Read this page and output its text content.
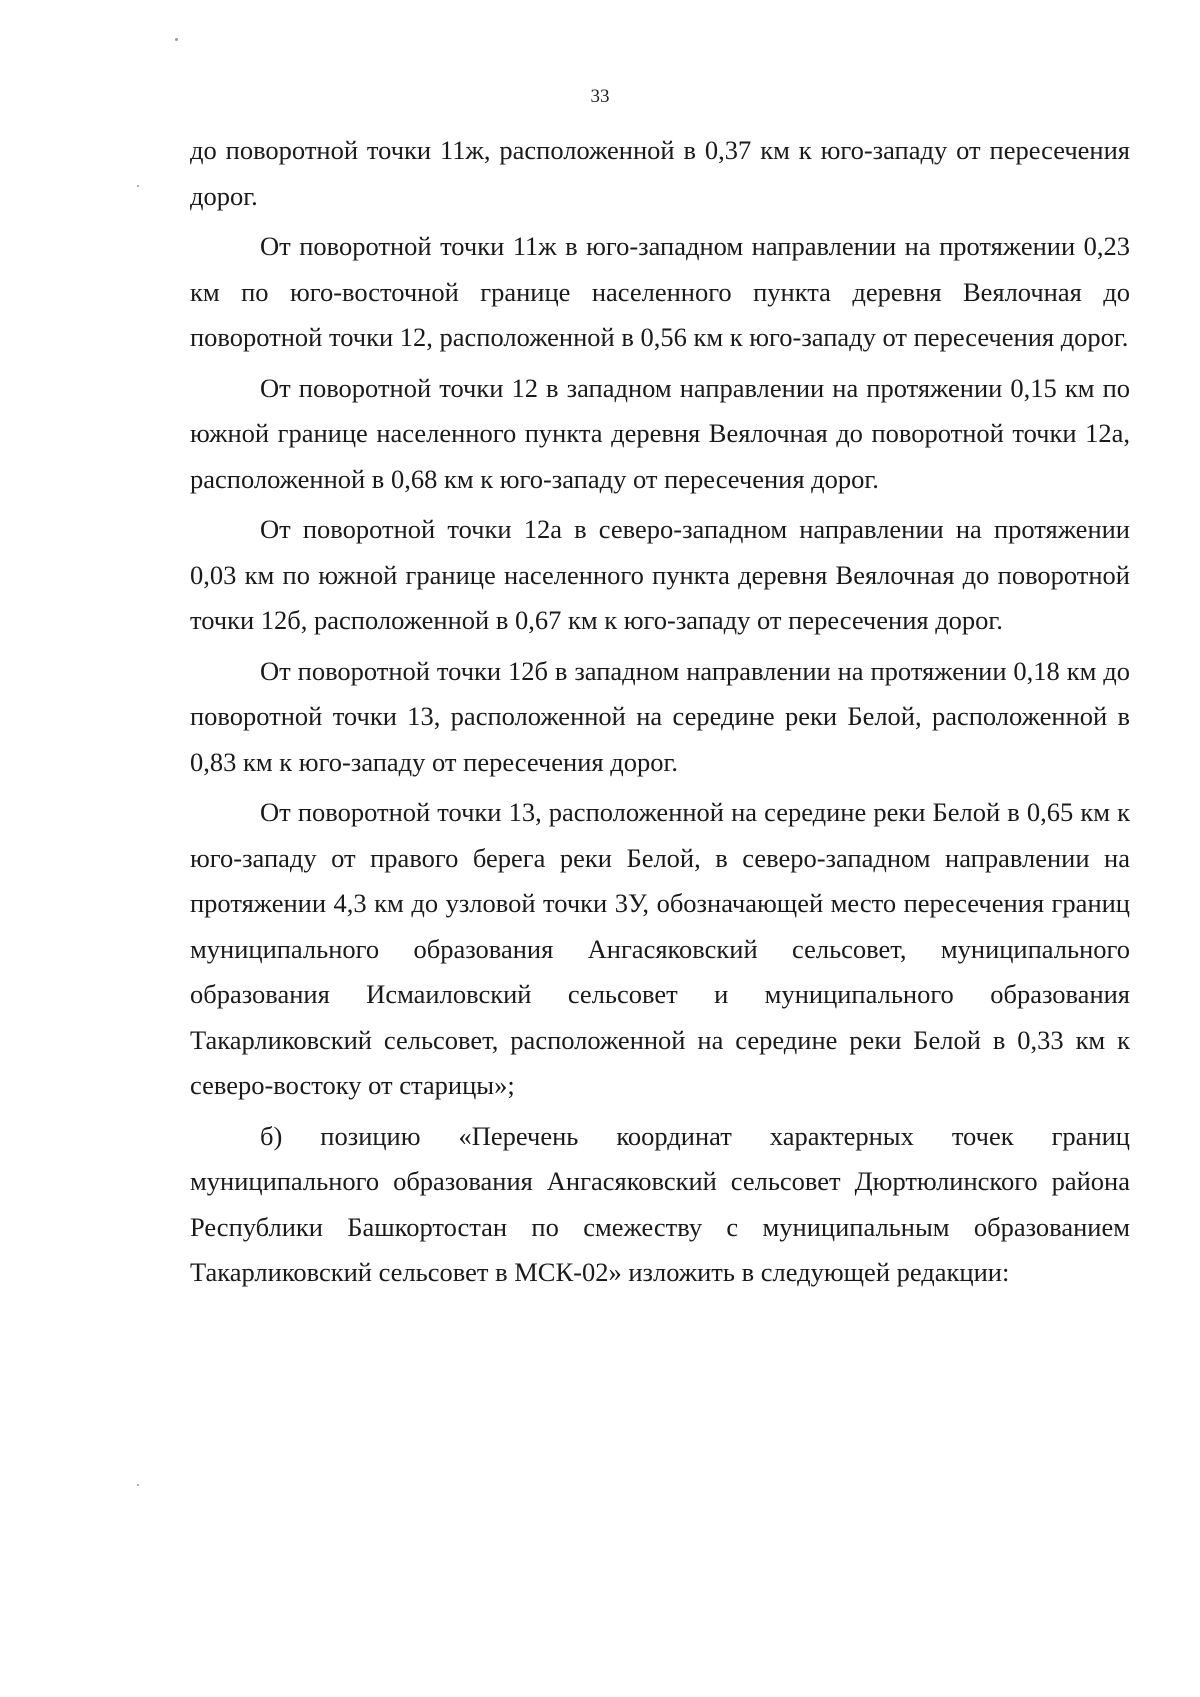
33

до поворотной точки 11ж, расположенной в 0,37 км к юго-западу от пересечения дорог.

От поворотной точки 11ж в юго-западном направлении на протяжении 0,23 км по юго-восточной границе населенного пункта деревня Веялочная до поворотной точки 12, расположенной в 0,56 км к юго-западу от пересечения дорог.

От поворотной точки 12 в западном направлении на протяжении 0,15 км по южной границе населенного пункта деревня Веялочная до поворотной точки 12а, расположенной в 0,68 км к юго-западу от пересечения дорог.

От поворотной точки 12а в северо-западном направлении на протяжении 0,03 км по южной границе населенного пункта деревня Веялочная до поворотной точки 12б, расположенной в 0,67 км к юго-западу от пересечения дорог.

От поворотной точки 12б в западном направлении на протяжении 0,18 км до поворотной точки 13, расположенной на середине реки Белой, расположенной в 0,83 км к юго-западу от пересечения дорог.

От поворотной точки 13, расположенной на середине реки Белой в 0,65 км к юго-западу от правого берега реки Белой, в северо-западном направлении на протяжении 4,3 км до узловой точки 3У, обозначающей место пересечения границ муниципального образования Ангасяковский сельсовет, муниципального образования Исмаиловский сельсовет и муниципального образования Такарликовский сельсовет, расположенной на середине реки Белой в 0,33 км к северо-востоку от старицы»;

б) позицию «Перечень координат характерных точек границ муниципального образования Ангасяковский сельсовет Дюртюлинского района Республики Башкортостан по смежеству с муниципальным образованием Такарликовский сельсовет в МСК-02» изложить в следующей редакции:
